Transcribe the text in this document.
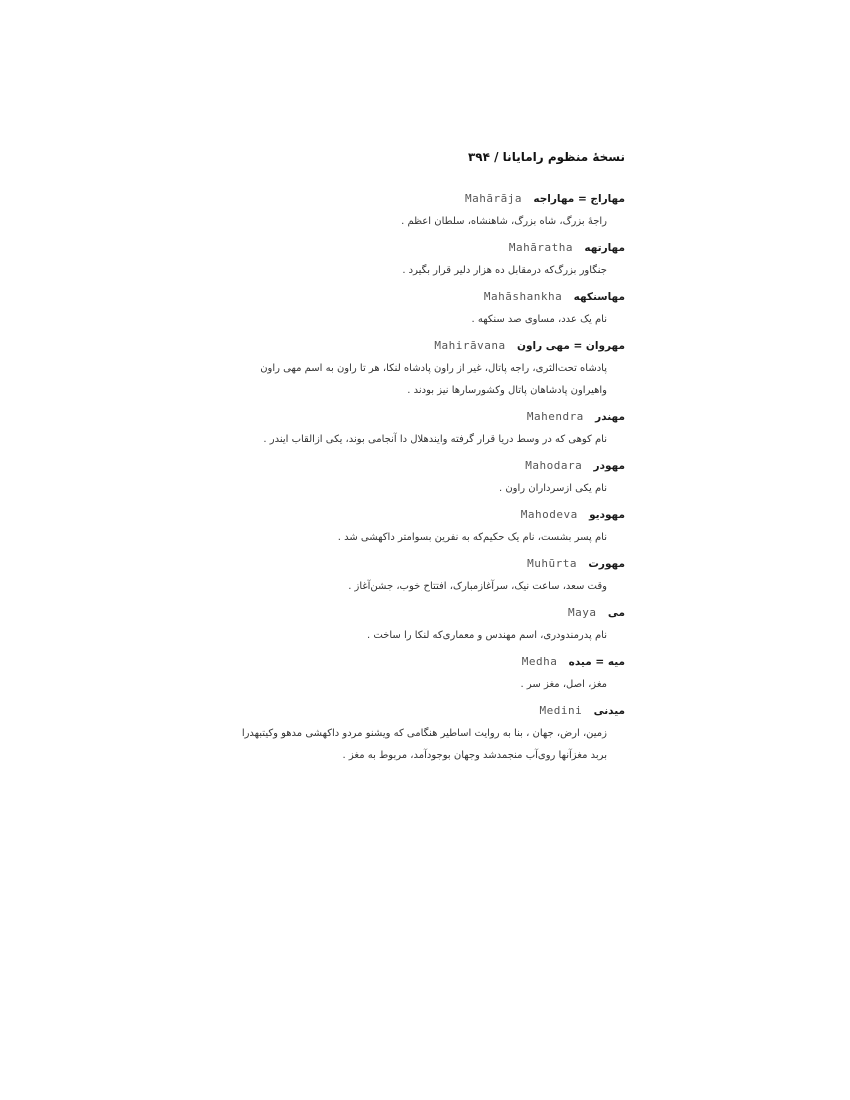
نسخهٔ منظوم رامایانا / ۳۹۴
مهاراج = مهاراجه Mahārāja
راجهٔ بزرگ، شاه بزرگ، شاهنشاه، سلطان اعظم .
مهارتهه Mahāratha
جنگاور بزرگ‌که درمقابل ده هزار دلیر قرار بگیرد .
مهاسنکهه Mahāshankha
نام یک عدد، مساوی صد سنکهه .
مهروان = مهی راون Mahirāvana
پادشاه تحت‌الثری، راجه پاتال، غیر از راون پادشاه لنکا، هر تا راون به اسم مهی راون واهیراون پادشاهان پاتال وکشورسارها نیز بودند .
مهندر Mahendra
نام کوهی که در وسط دریا قرار گرفته وایندهلال دا آنجامی بوند، یکی ازالقاب ایندر .
مهودر Mahodara
نام یکی ازسرداران راون .
مهودیو Mahodeva
نام پسر بشست، نام یک حکیم‌که به نفرین بسوامتر داکهشی شد .
مهورت Muhūrta
وقت سعد، ساعت نیک، سرآغازمبارک، افتتاح خوب، جشن‌آغاز .
می Maya
نام پدرمندودری، اسم مهندس و معماری‌که لنکا را ساخت .
میه = میده Medha
مغز، اصل، مغز سر .
میدنی Medini
زمین، ارض، جهان ، بنا به روایت اساطیر هنگامی که ویشنو مردو داکهشی مدهو وکیتبهدرا بربد مغزآنها روی‌آب منجمدشد وجهان بوجودآمد، مربوط به مغز .
